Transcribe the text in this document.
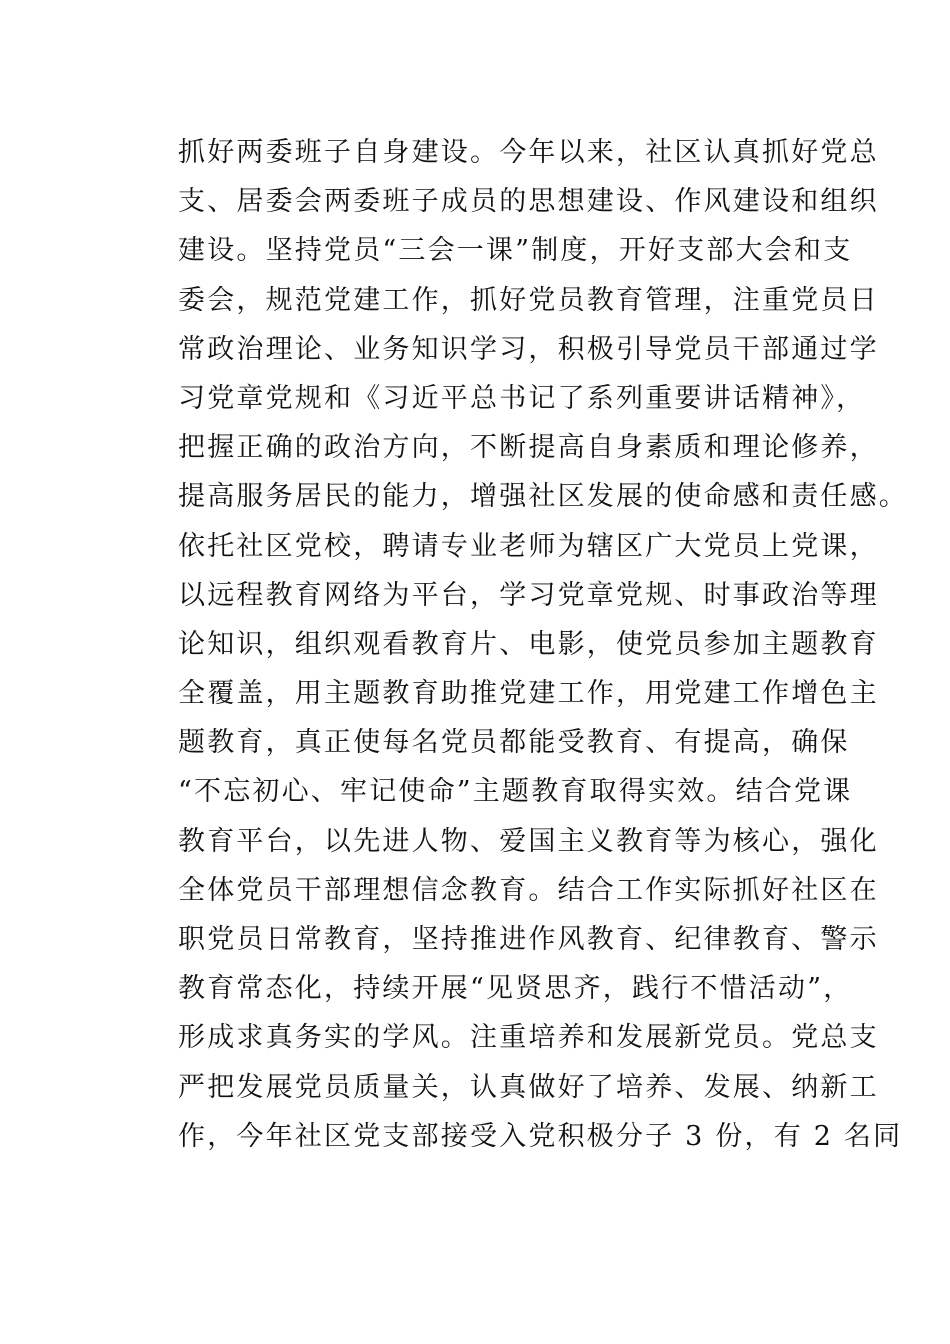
抓好两委班子自身建设。今年以来，社区认真抓好党总
支、居委会两委班子成员的思想建设、作风建设和组织
建设。坚持党员“三会一课”制度，开好支部大会和支
委会，规范党建工作，抓好党员教育管理，注重党员日
常政治理论、业务知识学习，积极引导党员干部通过学
习党章党规和《习近平总书记了系列重要讲话精神》，
把握正确的政治方向，不断提高自身素质和理论修养，
提高服务居民的能力，增强社区发展的使命感和责任感。
依托社区党校，聘请专业老师为辖区广大党员上党课，
以远程教育网络为平台，学习党章党规、时事政治等理
论知识，组织观看教育片、电影，使党员参加主题教育
全覆盖，用主题教育助推党建工作，用党建工作增色主
题教育，真正使每名党员都能受教育、有提高，确保
“不忘初心、牢记使命”主题教育取得实效。结合党课
教育平台，以先进人物、爱国主义教育等为核心，强化
全体党员干部理想信念教育。结合工作实际抓好社区在
职党员日常教育，坚持推进作风教育、纪律教育、警示
教育常态化，持续开展“见贤思齐，践行不惜活动”，
形成求真务实的学风。注重培养和发展新党员。党总支
严把发展党员质量关，认真做好了培养、发展、纳新工
作，今年社区党支部接受入党积极分子 3 份，有 2 名同
